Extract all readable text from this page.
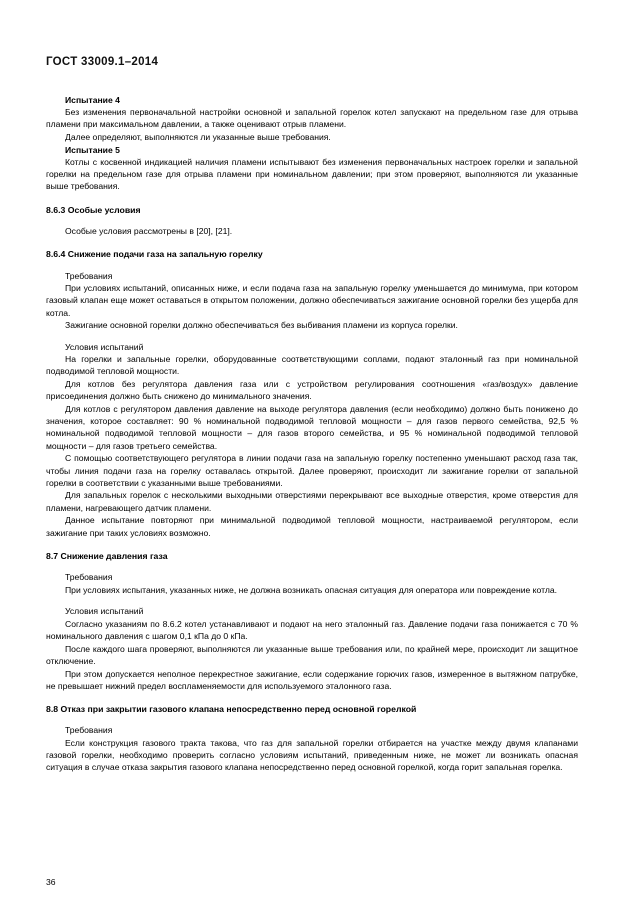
ГОСТ 33009.1–2014

Испытание 4

Без изменения первоначальной настройки основной и запальной горелок котел запускают на предельном газе для отрыва пламени при максимальном давлении, а также оценивают отрыв пламени.

Далее определяют, выполняются ли указанные выше требования.

Испытание 5

Котлы с косвенной индикацией наличия пламени испытывают без изменения первоначальных настроек горелки и запальной горелки на предельном газе для отрыва пламени при номинальном давлении; при этом проверяют, выполняются ли указанные выше требования.

8.6.3 Особые условия

Особые условия рассмотрены в [20], [21].

8.6.4 Снижение подачи газа на запальную горелку

Требования

При условиях испытаний, описанных ниже, и если подача газа на запальную горелку уменьшается до минимума, при котором газовый клапан еще может оставаться в открытом положении, должно обеспечиваться зажигание основной горелки без ущерба для котла.

Зажигание основной горелки должно обеспечиваться без выбивания пламени из корпуса горелки.

Условия испытаний

На горелки и запальные горелки, оборудованные соответствующими соплами, подают эталонный газ при номинальной подводимой тепловой мощности.

Для котлов без регулятора давления газа или с устройством регулирования соотношения «газ/воздух» давление присоединения должно быть снижено до минимального значения.

Для котлов с регулятором давления давление на выходе регулятора давления (если необходимо) должно быть понижено до значения, которое составляет: 90 % номинальной подводимой тепловой мощности – для газов первого семейства, 92,5 % номинальной подводимой тепловой мощности – для газов второго семейства, и 95 % номинальной подводимой тепловой мощности – для газов третьего семейства.

С помощью соответствующего регулятора в линии подачи газа на запальную горелку постепенно уменьшают расход газа так, чтобы линия подачи газа на горелку оставалась открытой. Далее проверяют, происходит ли зажигание горелки от запальной горелки в соответствии с указанными выше требованиями.

Для запальных горелок с несколькими выходными отверстиями перекрывают все выходные отверстия, кроме отверстия для пламени, нагревающего датчик пламени.

Данное испытание повторяют при минимальной подводимой тепловой мощности, настраиваемой регулятором, если зажигание при таких условиях возможно.

8.7 Снижение давления газа

Требования

При условиях испытания, указанных ниже, не должна возникать опасная ситуация для оператора или повреждение котла.

Условия испытаний

Согласно указаниям по 8.6.2 котел устанавливают и подают на него эталонный газ. Давление подачи газа понижается с 70 % номинального давления с шагом 0,1 кПа до 0 кПа.

После каждого шага проверяют, выполняются ли указанные выше требования или, по крайней мере, происходит ли защитное отключение.

При этом допускается неполное перекрестное зажигание, если содержание горючих газов, измеренное в вытяжном патрубке, не превышает нижний предел воспламеняемости для используемого эталонного газа.

8.8 Отказ при закрытии газового клапана непосредственно перед основной горелкой

Требования

Если конструкция газового тракта такова, что газ для запальной горелки отбирается на участке между двумя клапанами газовой горелки, необходимо проверить согласно условиям испытаний, приведенным ниже, не может ли возникать опасная ситуация в случае отказа закрытия газового клапана непосредственно перед основной горелкой, когда горит запальная горелка.

36
